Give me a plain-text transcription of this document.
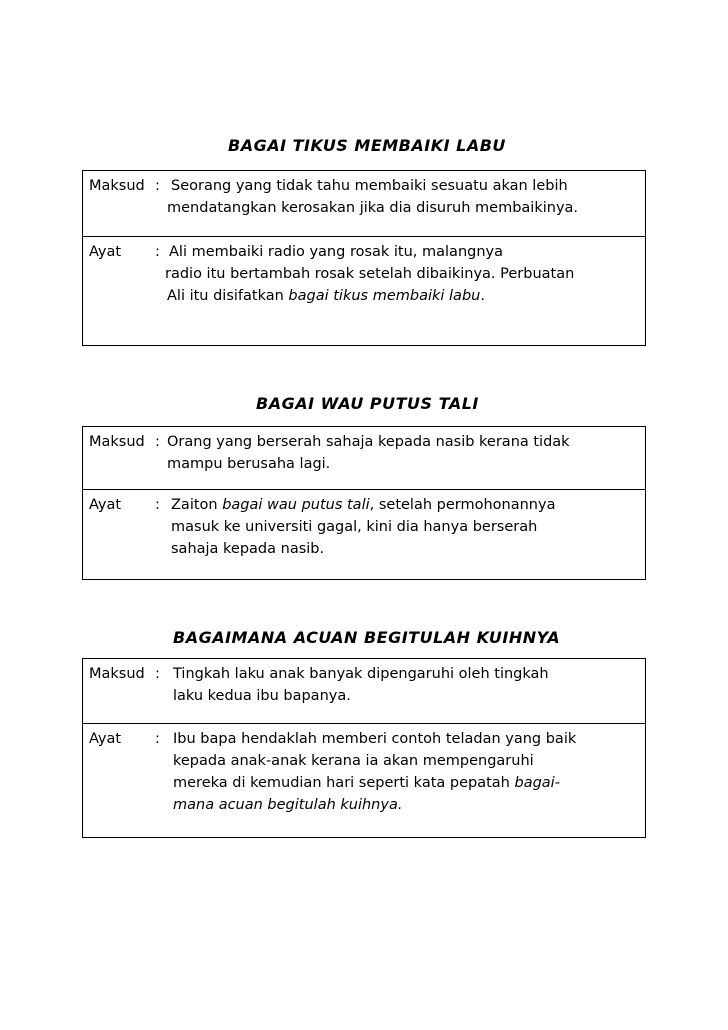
BAGAI TIKUS MEMBAIKI LABU
Maksud : Seorang yang tidak tahu membaiki sesuatu akan lebih
mendatangkan kerosakan jika dia disuruh membaikinya.
Ayat : Ali membaiki radio yang rosak itu, malangnya
radio itu bertambah rosak setelah dibaikinya. Perbuatan
Ali itu disifatkan bagai tikus membaiki labu.
BAGAI WAU PUTUS TALI
Maksud : Orang yang berserah sahaja kepada nasib kerana tidak
mampu berusaha lagi.
Ayat : Zaiton bagai wau putus tali, setelah permohonannya
masuk ke universiti gagal, kini dia hanya berserah
sahaja kepada nasib.
BAGAIMANA ACUAN BEGITULAH KUIHNYA
Maksud : Tingkah laku anak banyak dipengaruhi oleh tingkah
laku kedua ibu bapanya.
Ayat : Ibu bapa hendaklah memberi contoh teladan yang baik
kepada anak-anak kerana ia akan mempengaruhi
mereka di kemudian hari seperti kata pepatah bagai-
mana acuan begitulah kuihnya.
